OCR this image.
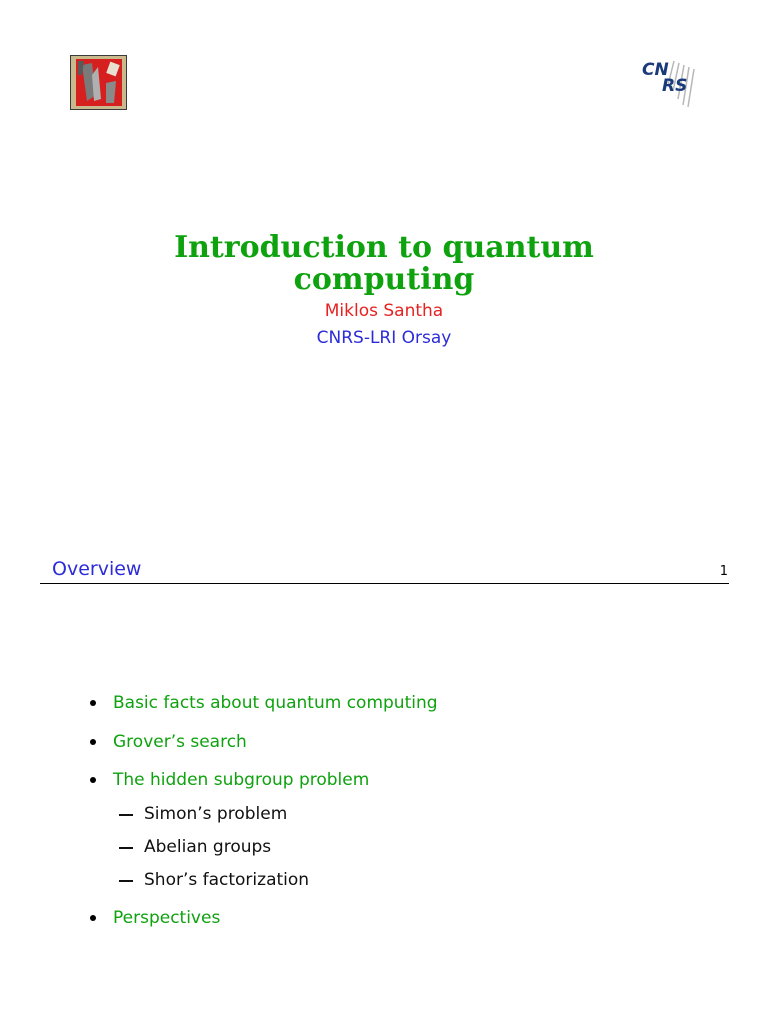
CN
RS
Introduction to quantum
computing
Miklos Santha
CNRS-LRI Orsay
Overview	1
Basic facts about quantum computing
Grover’s search
The hidden subgroup problem
Simon’s problem
Abelian groups
Shor’s factorization
Perspectives
